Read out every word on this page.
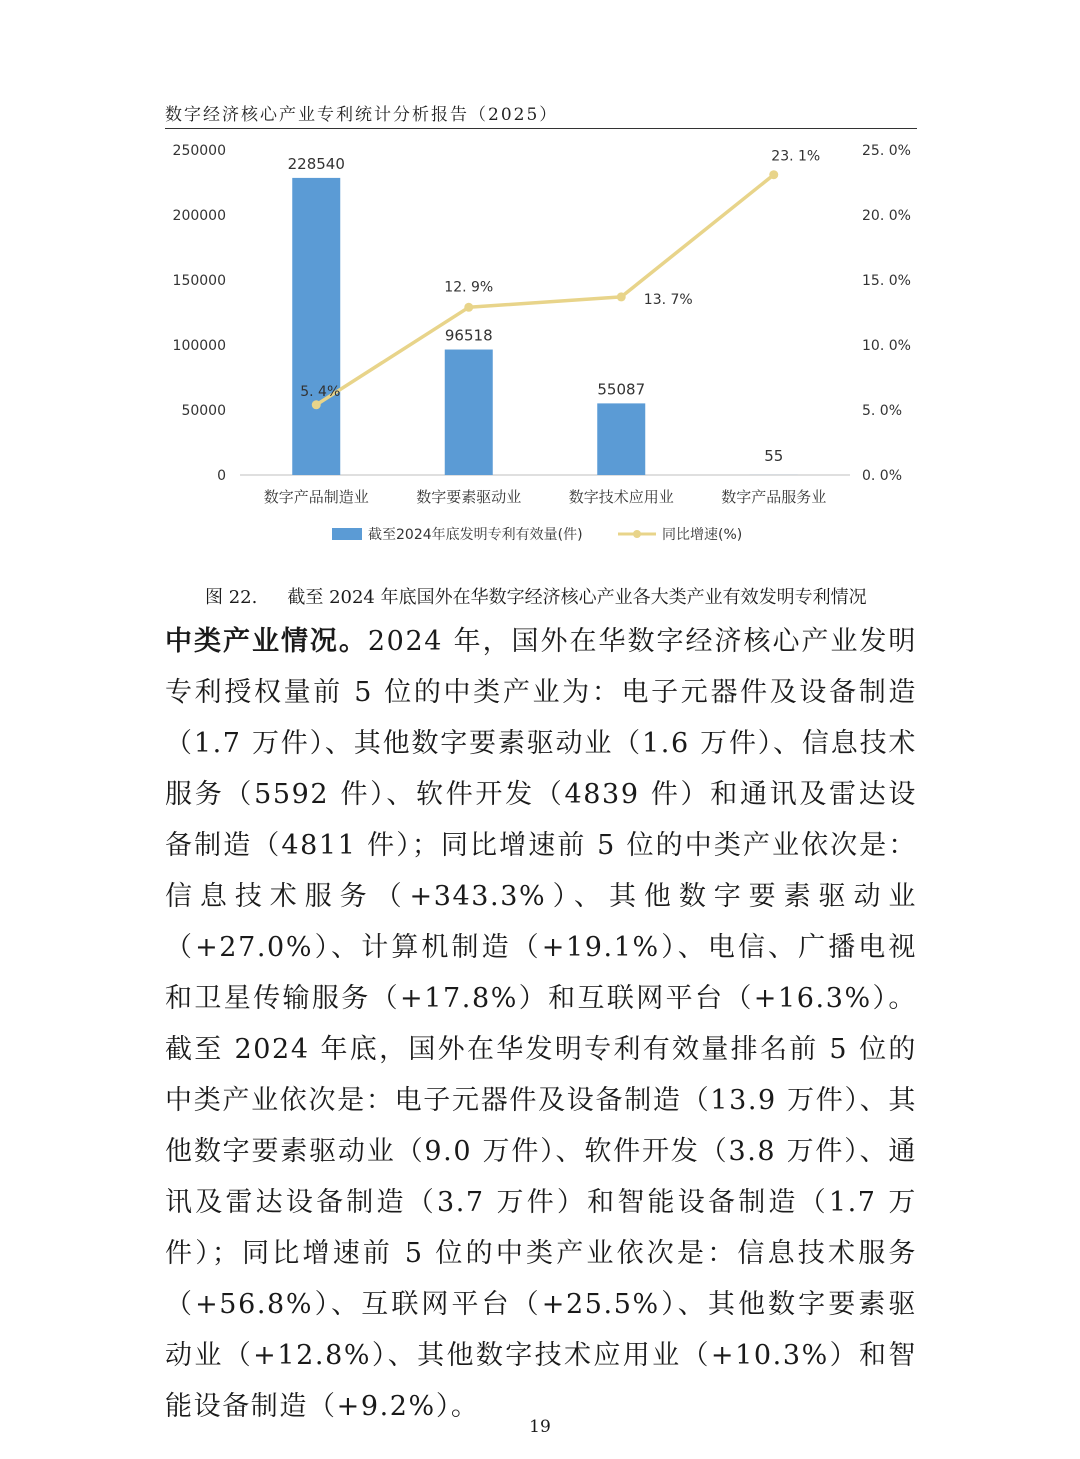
数字经济核心产业专利统计分析报告（2025）
0
50000
100000
150000
200000
250000
0. 0%
5. 0%
10. 0%
15. 0%
20. 0%
25. 0%
228540
96518
55087
55
数字产品制造业	数字要素驱动业	数字技术应用业	数字产品服务业
5. 4%
12. 9%
13. 7%
23. 1%
截至2024年底发明专利有效量(件)	同比增速(%)
图 22. 截至 2024 年底国外在华数字经济核心产业各大类产业有效发明专利情况
中类产业情况。2024 年，国外在华数字经济核心产业发明专利授权量前 5 位的中类产业为：电子元器件及设备制造（1.7 万件）、其他数字要素驱动业（1.6 万件）、信息技术服务（5592 件）、软件开发（4839 件）和通讯及雷达设备制造（4811 件）；同比增速前 5 位的中类产业依次是：信息技术服务（+343.3%）、其他数字要素驱动业（+27.0%）、计算机制造（+19.1%）、电信、广播电视和卫星传输服务（+17.8%）和互联网平台（+16.3%）。截至 2024 年底，国外在华发明专利有效量排名前 5 位的中类产业依次是：电子元器件及设备制造（13.9 万件）、其他数字要素驱动业（9.0 万件）、软件开发（3.8 万件）、通讯及雷达设备制造（3.7 万件）和智能设备制造（1.7 万件）；同比增速前 5 位的中类产业依次是：信息技术服务（+56.8%）、互联网平台（+25.5%）、其他数字要素驱动业（+12.8%）、其他数字技术应用业（+10.3%）和智能设备制造（+9.2%）。
19
